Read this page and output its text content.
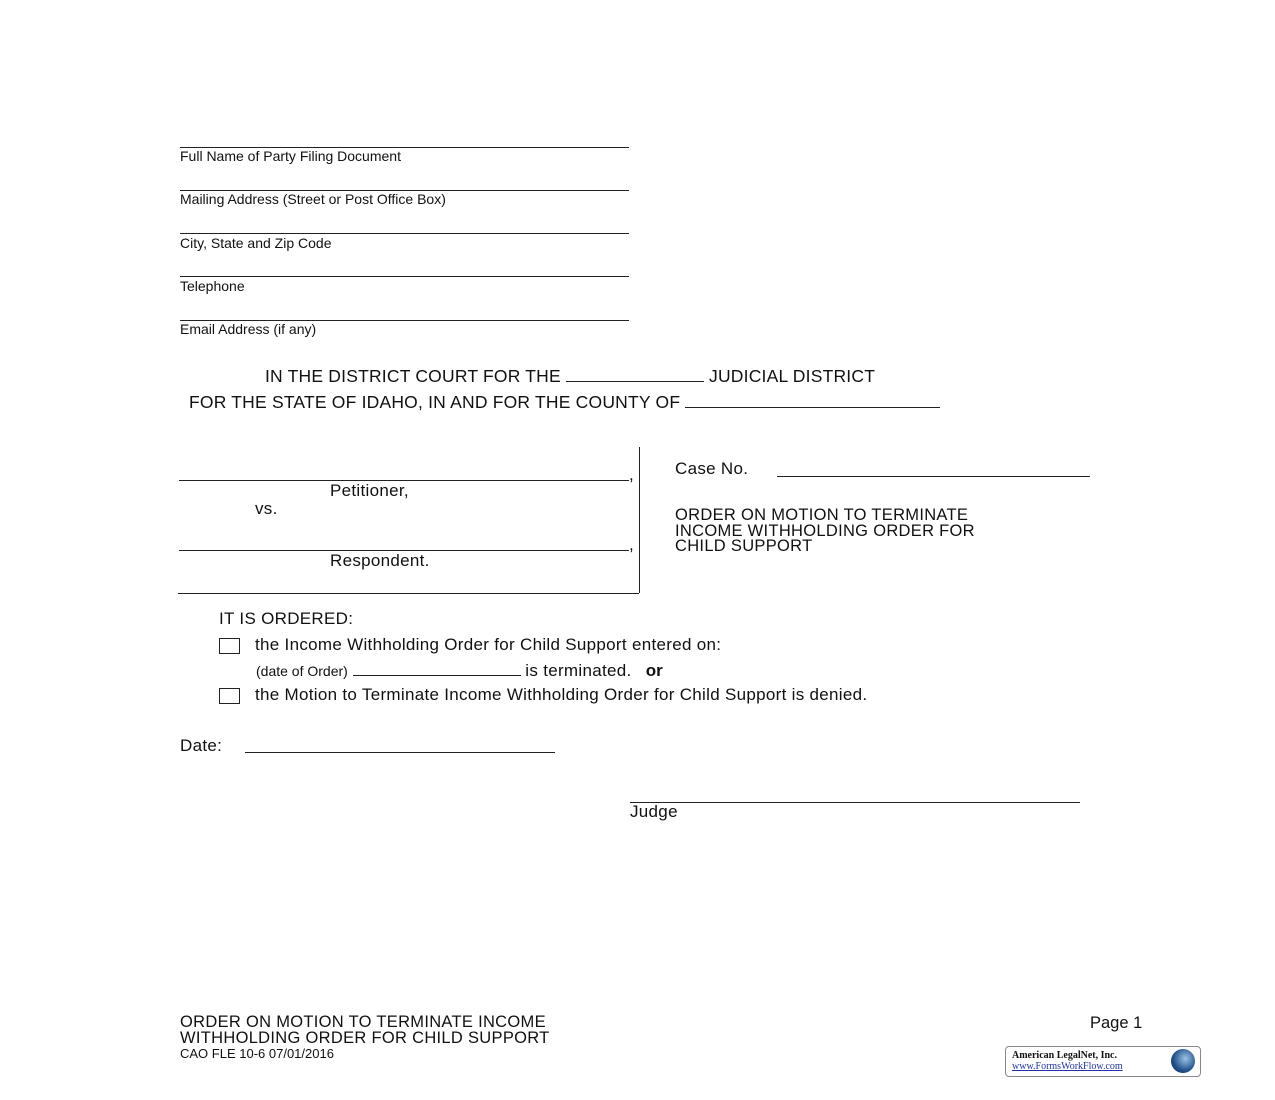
Full Name of Party Filing Document
Mailing Address (Street or Post Office Box)
City, State and Zip Code
Telephone
Email Address (if any)
IN THE DISTRICT COURT FOR THE	JUDICIAL DISTRICT
FOR THE STATE OF IDAHO, IN AND FOR THE COUNTY OF
,
Petitioner,
vs.
,
Respondent.
Case No.
ORDER ON MOTION TO TERMINATE
INCOME WITHHOLDING ORDER FOR
CHILD SUPPORT
IT IS ORDERED:
the Income Withholding Order for Child Support entered on:
(date of Order)	is terminated. or
the Motion to Terminate Income Withholding Order for Child Support is denied.
Date:
Judge
ORDER ON MOTION TO TERMINATE INCOME
WITHHOLDING ORDER FOR CHILD SUPPORT
CAO FLE 10-6 07/01/2016
Page 1
American LegalNet, Inc.
www.FormsWorkFlow.com
